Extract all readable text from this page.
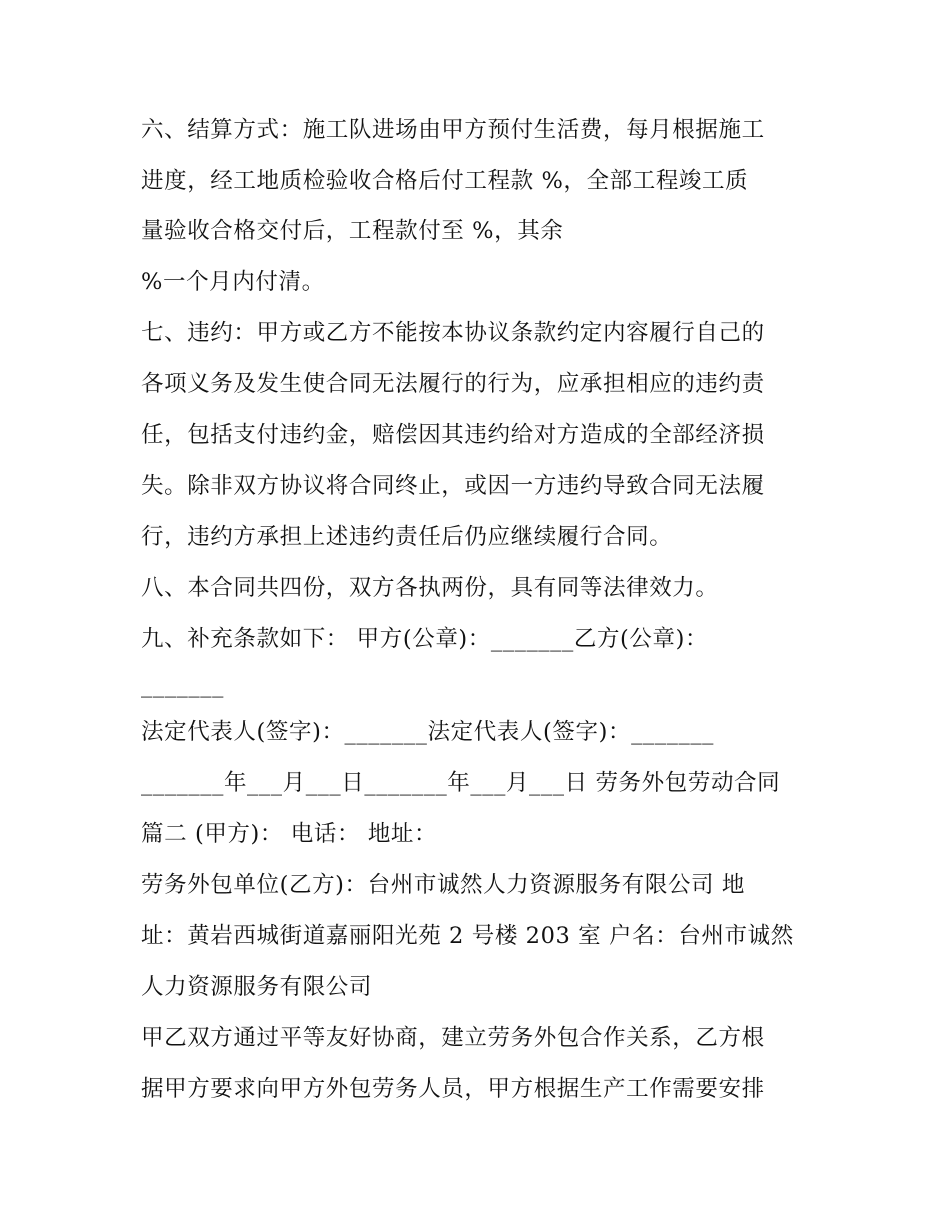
六、结算方式：施工队进场由甲方预付生活费，每月根据施工
进度，经工地质检验收合格后付工程款 %，全部工程竣工质
量验收合格交付后，工程款付至 %，其余
%一个月内付清。
七、违约：甲方或乙方不能按本协议条款约定内容履行自己的
各项义务及发生使合同无法履行的行为，应承担相应的违约责
任，包括支付违约金，赔偿因其违约给对方造成的全部经济损
失。除非双方协议将合同终止，或因一方违约导致合同无法履
行，违约方承担上述违约责任后仍应继续履行合同。
八、本合同共四份，双方各执两份，具有同等法律效力。
九、补充条款如下： 甲方(公章)：_______乙方(公章)：
_______
法定代表人(签字)：_______法定代表人(签字)：_______
_______年___月___日_______年___月___日 劳务外包劳动合同
篇二 (甲方)： 电话： 地址：
劳务外包单位(乙方)：台州市诚然人力资源服务有限公司 地
址：黄岩西城街道嘉丽阳光苑 2 号楼 203 室 户名：台州市诚然
人力资源服务有限公司
甲乙双方通过平等友好协商，建立劳务外包合作关系，乙方根
据甲方要求向甲方外包劳务人员，甲方根据生产工作需要安排
